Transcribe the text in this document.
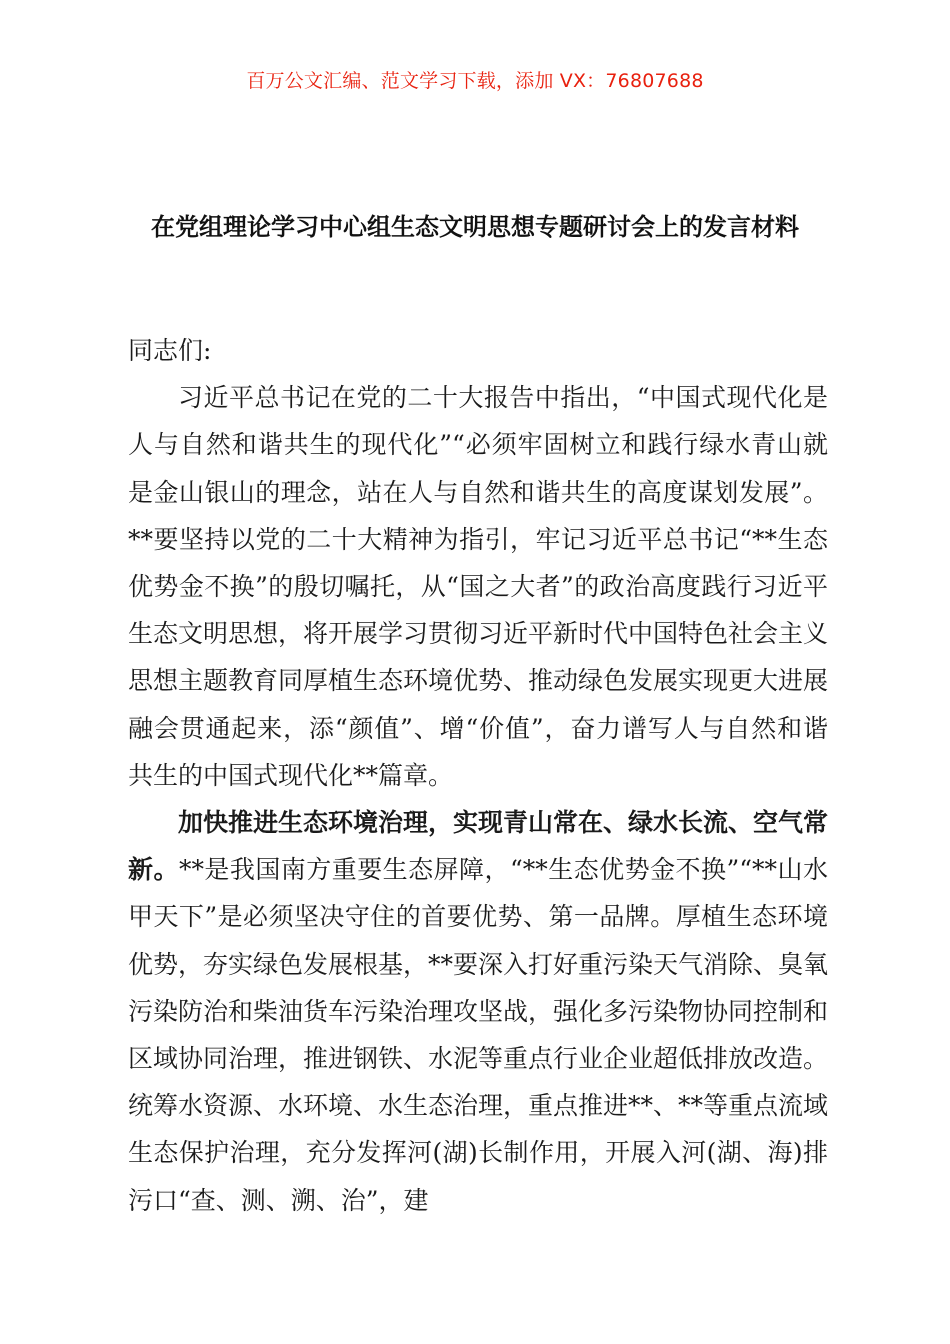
百万公文汇编、范文学习下载，添加 VX：76807688
在党组理论学习中心组生态文明思想专题研讨会上的发言材料

同志们:

习近平总书记在党的二十大报告中指出，“中国式现代化是人与自然和谐共生的现代化”“必须牢固树立和践行绿水青山就是金山银山的理念，站在人与自然和谐共生的高度谋划发展”。**要坚持以党的二十大精神为指引，牢记习近平总书记“**生态优势金不换”的殷切嘱托，从“国之大者”的政治高度践行习近平生态文明思想，将开展学习贯彻习近平新时代中国特色社会主义思想主题教育同厚植生态环境优势、推动绿色发展实现更大进展融会贯通起来，添“颜值”、增“价值”，奋力谱写人与自然和谐共生的中国式现代化**篇章。

加快推进生态环境治理，实现青山常在、绿水长流、空气常新。**是我国南方重要生态屏障，“**生态优势金不换”“**山水甲天下”是必须坚决守住的首要优势、第一品牌。厚植生态环境优势，夯实绿色发展根基，**要深入打好重污染天气消除、臭氧污染防治和柴油货车污染治理攻坚战，强化多污染物协同控制和区域协同治理，推进钢铁、水泥等重点行业企业超低排放改造。统筹水资源、水环境、水生态治理，重点推进**、**等重点流域生态保护治理，充分发挥河(湖)长制作用，开展入河(湖、海)排污口“查、测、溯、治”，建
